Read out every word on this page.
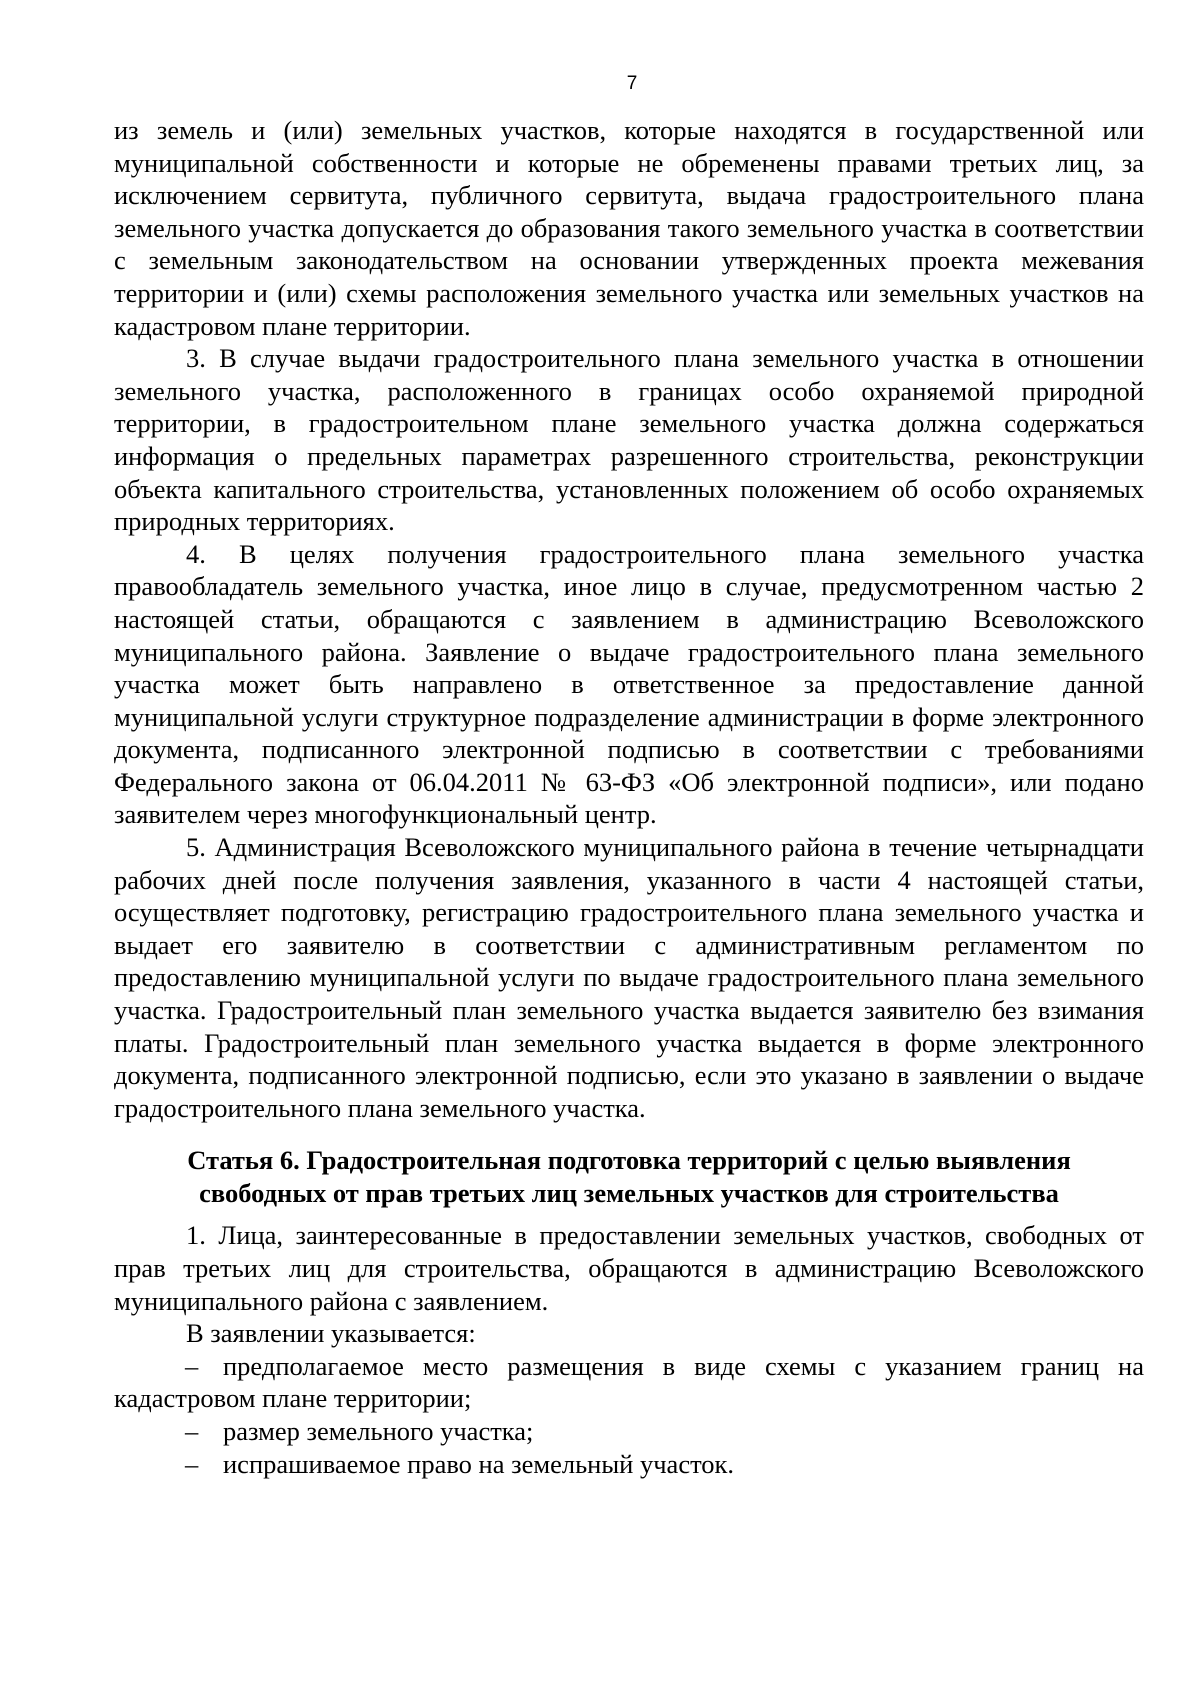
7

из земель и (или) земельных участков, которые находятся в государственной или муниципальной собственности и которые не обременены правами третьих лиц, за исключением сервитута, публичного сервитута, выдача градостроительного плана земельного участка допускается до образования такого земельного участка в соответствии с земельным законодательством на основании утвержденных проекта межевания территории и (или) схемы расположения земельного участка или земельных участков на кадастровом плане территории.

3. В случае выдачи градостроительного плана земельного участка в отношении земельного участка, расположенного в границах особо охраняемой природной территории, в градостроительном плане земельного участка должна содержаться информация о предельных параметрах разрешенного строительства, реконструкции объекта капитального строительства, установленных положением об особо охраняемых природных территориях.

4. В целях получения градостроительного плана земельного участка правообладатель земельного участка, иное лицо в случае, предусмотренном частью 2 настоящей статьи, обращаются с заявлением в администрацию Всеволожского муниципального района. Заявление о выдаче градостроительного плана земельного участка может быть направлено в ответственное за предоставление данной муниципальной услуги структурное подразделение администрации в форме электронного документа, подписанного электронной подписью в соответствии с требованиями Федерального закона от 06.04.2011 № 63-ФЗ «Об электронной подписи», или подано заявителем через многофункциональный центр.

5. Администрация Всеволожского муниципального района в течение четырнадцати рабочих дней после получения заявления, указанного в части 4 настоящей статьи, осуществляет подготовку, регистрацию градостроительного плана земельного участка и выдает его заявителю в соответствии с административным регламентом по предоставлению муниципальной услуги по выдаче градостроительного плана земельного участка. Градостроительный план земельного участка выдается заявителю без взимания платы. Градостроительный план земельного участка выдается в форме электронного документа, подписанного электронной подписью, если это указано в заявлении о выдаче градостроительного плана земельного участка.

Статья 6. Градостроительная подготовка территорий с целью выявления
свободных от прав третьих лиц земельных участков для строительства

1. Лица, заинтересованные в предоставлении земельных участков, свободных от прав третьих лиц для строительства, обращаются в администрацию Всеволожского муниципального района с заявлением.

В заявлении указывается:

– предполагаемое место размещения в виде схемы с указанием границ на кадастровом плане территории;

– размер земельного участка;

– испрашиваемое право на земельный участок.
